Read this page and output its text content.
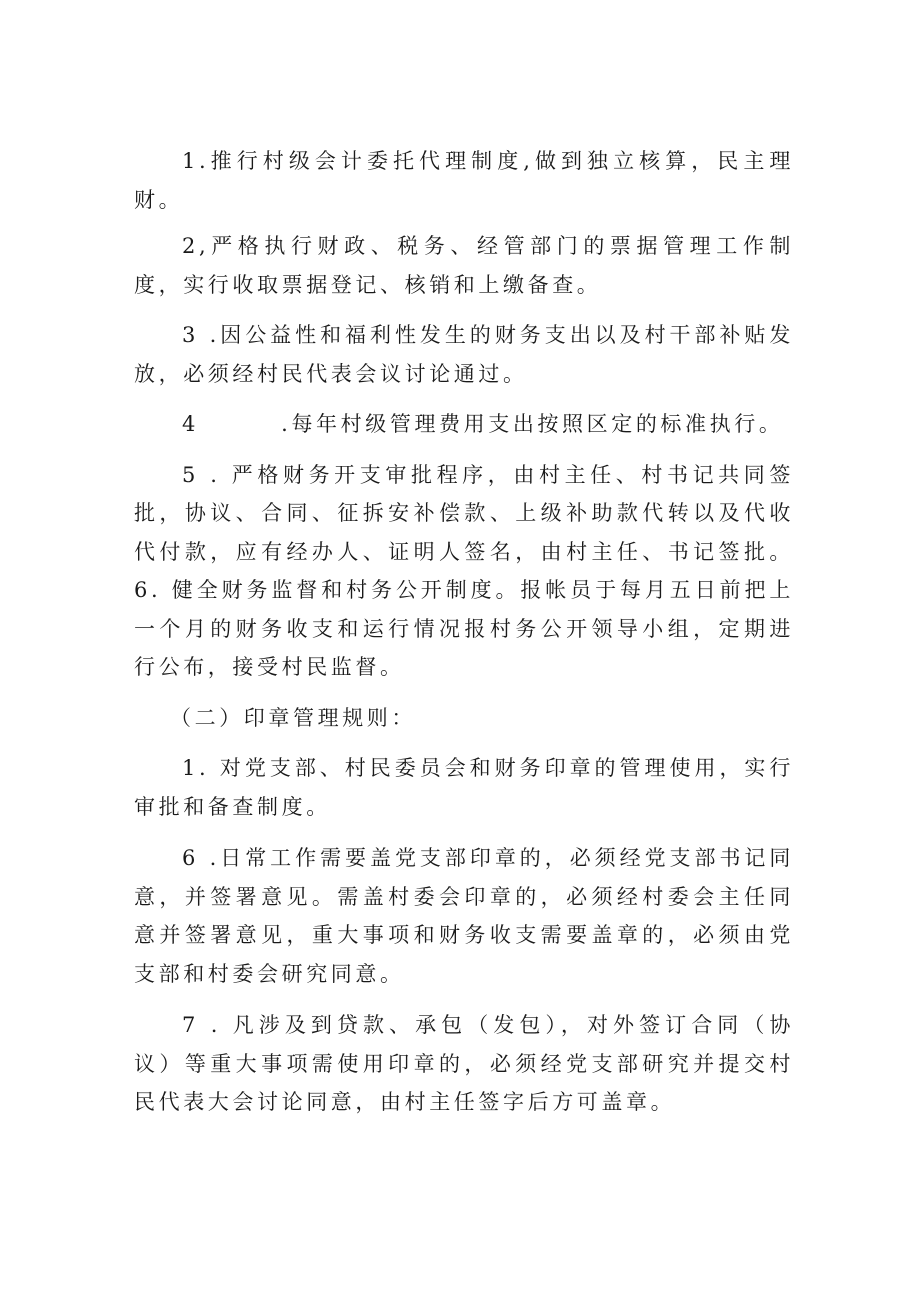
1.推行村级会计委托代理制度,做到独立核算，民主理财。

2,严格执行财政、税务、经管部门的票据管理工作制度，实行收取票据登记、核销和上缴备查。

3 .因公益性和福利性发生的财务支出以及村干部补贴发放，必须经村民代表会议讨论通过。

4        .每年村级管理费用支出按照区定的标准执行。

5 . 严格财务开支审批程序，由村主任、村书记共同签批，协议、合同、征拆安补偿款、上级补助款代转以及代收代付款，应有经办人、证明人签名，由村主任、书记签批。6. 健全财务监督和村务公开制度。报帐员于每月五日前把上一个月的财务收支和运行情况报村务公开领导小组，定期进行公布，接受村民监督。

（二）印章管理规则：

1. 对党支部、村民委员会和财务印章的管理使用，实行审批和备查制度。

6 .日常工作需要盖党支部印章的，必须经党支部书记同意，并签署意见。需盖村委会印章的，必须经村委会主任同意并签署意见，重大事项和财务收支需要盖章的，必须由党支部和村委会研究同意。

7 . 凡涉及到贷款、承包（发包），对外签订合同（协议）等重大事项需使用印章的，必须经党支部研究并提交村民代表大会讨论同意，由村主任签字后方可盖章。
